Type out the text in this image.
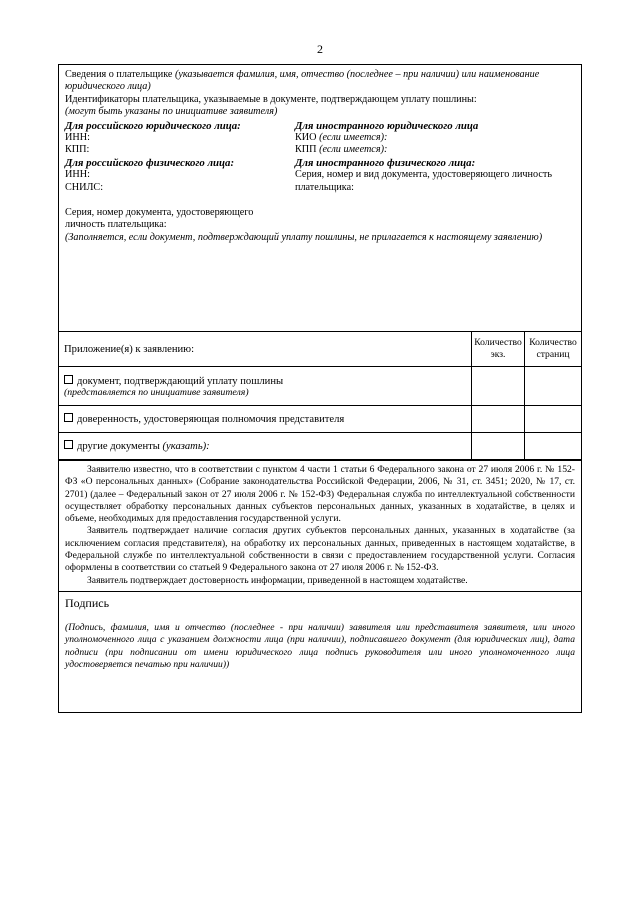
2

Сведения о плательщике (указывается фамилия, имя, отчество (последнее – при наличии) или наименование юридического лица)

Идентификаторы плательщика, указываемые в документе, подтверждающем уплату пошлины:

(могут быть указаны по инициативе заявителя)

Для российского юридического лица:

ИНН:

КПП:

Для российского физического лица:

ИНН:

СНИЛС:

Для иностранного юридического лица

КИО (если имеется):

КПП (если имеется):

Для иностранного физического лица:

Серия, номер и вид документа, удостоверяющего личность плательщика:

Серия, номер документа, удостоверяющего

личность плательщика:

(Заполняется, если документ, подтверждающий уплату пошлины, не прилагается к настоящему заявлению)

Приложение(я) к заявлению:	Количество экз.	Количество страниц

документ, подтверждающий уплату пошлины
(представляется по инициативе заявителя)		

доверенность, удостоверяющая полномочия представителя		
другие документы (указать):		

Заявителю известно, что в соответствии с пунктом 4 части 1 статьи 6 Федерального закона от 27 июля 2006 г. № 152-ФЗ «О персональных данных» (Собрание законодательства Российской Федерации, 2006, № 31, ст. 3451; 2020, № 17, ст. 2701) (далее – Федеральный закон от 27 июля 2006 г. № 152-ФЗ) Федеральная служба по интеллектуальной собственности осуществляет обработку персональных данных субъектов персональных данных, указанных в ходатайстве, в целях и объеме, необходимых для предоставления государственной услуги.

Заявитель подтверждает наличие согласия других субъектов персональных данных, указанных в ходатайстве (за исключением согласия представителя), на обработку их персональных данных, приведенных в настоящем ходатайстве, в Федеральной службе по интеллектуальной собственности в связи с предоставлением государственной услуги. Согласия оформлены в соответствии со статьей 9 Федерального закона от 27 июля 2006 г. № 152-ФЗ.

Заявитель подтверждает достоверность информации, приведенной в настоящем ходатайстве.

Подпись
(Подпись, фамилия, имя и отчество (последнее - при наличии) заявителя или представителя заявителя, или иного уполномоченного лица с указанием должности лица (при наличии), подписавшего документ (для юридических лиц), дата подписи (при подписании от имени юридического лица подпись руководителя или иного уполномоченного лица удостоверяется печатью при наличии))
